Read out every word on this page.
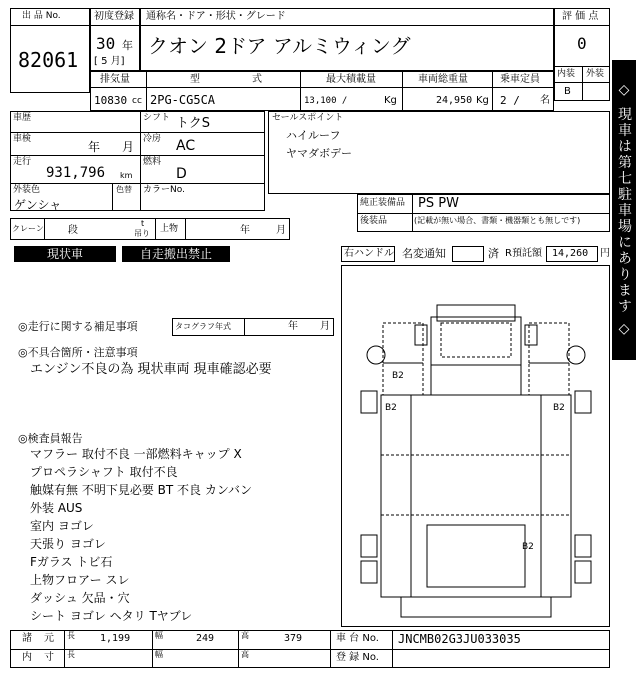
出 品 No.
82061
初度登録
30 年
[ 5 月]
通称名・ドア・形状・グレード
クオン 2ドア アルミウィング
評 価 点
0
内装 外装
B
排気量
10830 cc
型	式
2PG-CG5CA
最大積載量
13,100 /	Kg
車両総重量
24,950 Kg
乗車定員
2 / 名
車歴	シフト トクS
車検
年 月
冷房 AC
走行
931,796 km
燃料
D
外装色
ゲンシャ
色替 カラーNo.
クレーン 段
t
吊り 上物	年	月
セールスポイント
ハイルーフ
ヤマダボデー
純正装備品 PS PW
後装品	(記載が無い場合、書類・機器類とも無しです)
現状車	自走搬出禁止	右ハンドル 名変通知	済 R預託額 14,260 円
◎走行に関する補足事項	タコグラフ年式	年 月
◎不具合箇所・注意事項
エンジン不良の為 現状車両 現車確認必要
◎検査員報告
マフラー 取付不良 一部燃料キャップ X
プロペラシャフト 取付不良
触媒有無 不明下見必要 BT 不良 カンバン
外装 AUS
室内 ヨゴレ
天張り ヨゴレ
Fガラス トビ石
上物フロアー スレ
ダッシュ 欠品・穴
シート ヨゴレ ヘタリ Tヤブレ
B2
B2	B2
B2
諸 元 長	1,199	幅	249	高	379	車 台 No. JNCMB02G3JU033035
内 寸 長	幅	高	登 録 No.
◇ 現車は第七駐車場にあります ◇
